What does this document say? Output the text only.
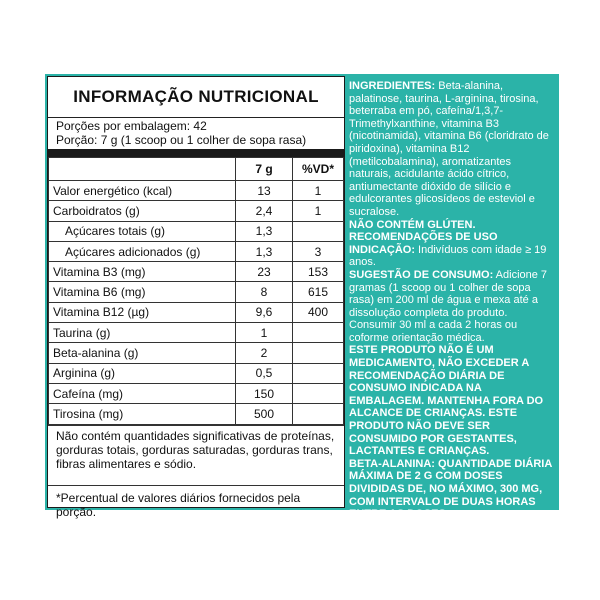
INFORMAÇÃO NUTRICIONAL
Porções por embalagem: 42
Porção: 7 g (1 scoop ou 1 colher de sopa rasa)
	7 g	%VD*
Valor energético (kcal)	13	1
Carboidratos (g)	2,4	1
Açúcares totais (g)	1,3	
Açúcares adicionados (g)	1,3	3
Vitamina B3 (mg)	23	153
Vitamina B6 (mg)	8	615
Vitamina B12 (µg)	9,6	400
Taurina (g)	1	
Beta-alanina (g)	2	
Arginina (g)	0,5	
Cafeína (mg)	150	
Tirosina (mg)	500	
Não contém quantidades significativas de proteínas, gorduras totais, gorduras saturadas, gorduras trans, fibras alimentares e sódio.
*Percentual de valores diários fornecidos pela porção.

INGREDIENTES: Beta-alanina, palatinose, taurina, L-arginina, tirosina, beterraba em pó, cafeína/1,3,7-Trimethylxanthine, vitamina B3 (nicotinamida), vitamina B6 (cloridrato de piridoxina), vitamina B12 (metilcobalamina), aromatizantes naturais, acidulante ácido cítrico, antiumectante dióxido de silício e edulcorantes glicosídeos de esteviol e sucralose.

NÃO CONTÉM GLÚTEN.

RECOMENDAÇÕES DE USO INDICAÇÃO: Indivíduos com idade ≥ 19 anos.

SUGESTÃO DE CONSUMO: Adicione 7 gramas (1 scoop ou 1 colher de sopa rasa) em 200 ml de água e mexa até a dissolução completa do produto. Consumir 30 ml a cada 2 horas ou coforme orientação médica.

ESTE PRODUTO NÃO É UM MEDICAMENTO, NÃO EXCEDER A RECOMENDAÇÃO DIÁRIA DE CONSUMO INDICADA NA EMBALAGEM. MANTENHA FORA DO ALCANCE DE CRIANÇAS. ESTE PRODUTO NÃO DEVE SER CONSUMIDO POR GESTANTES, LACTANTES E CRIANÇAS.

BETA-ALANINA: QUANTIDADE DIÁRIA MÁXIMA DE 2 G COM DOSES DIVIDIDAS DE, NO MÁXIMO, 300 MG, COM INTERVALO DE DUAS HORAS ENTRE AS DOSES.
